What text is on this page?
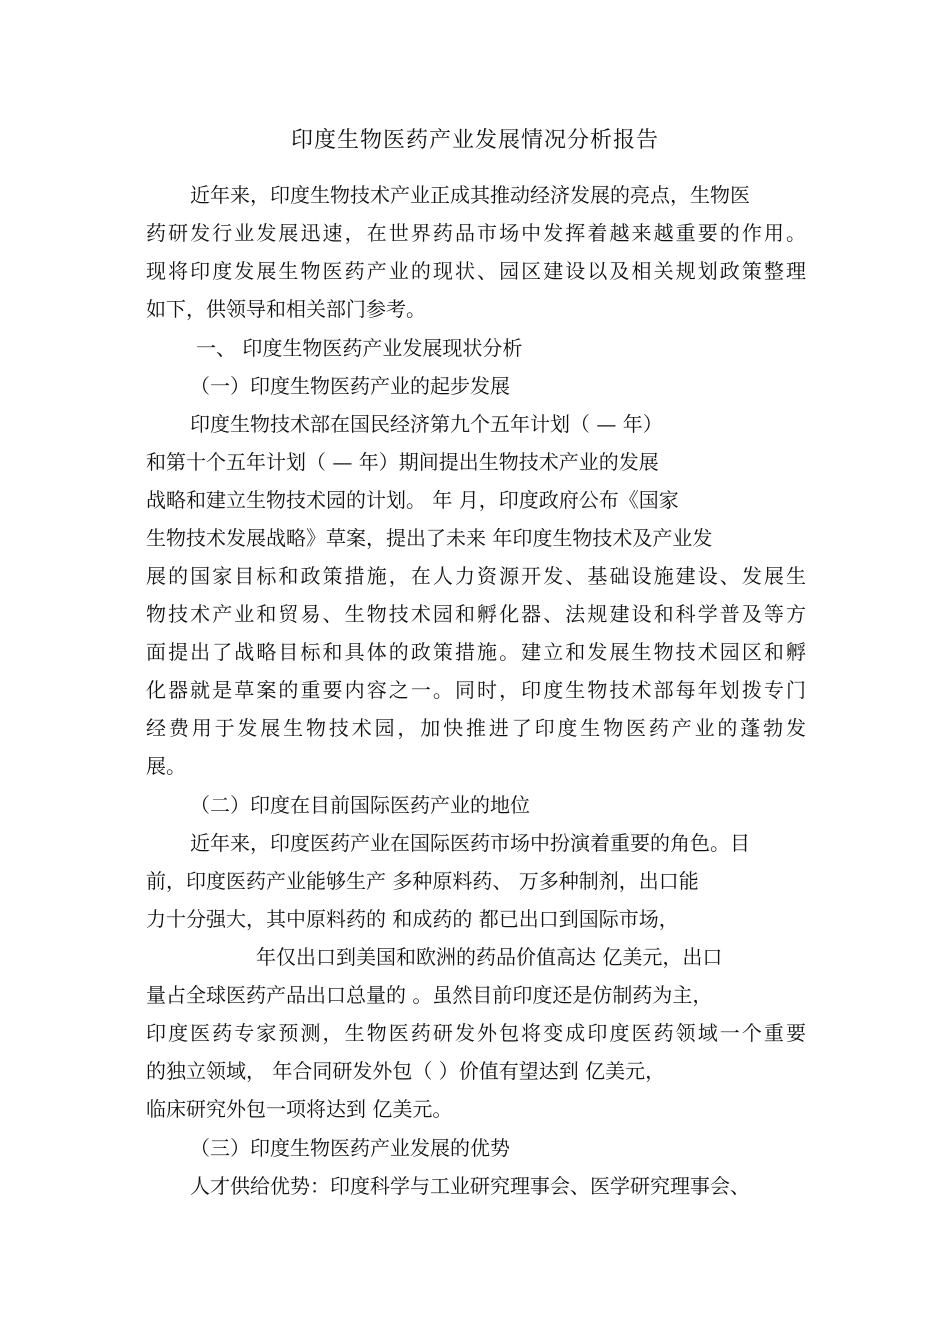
印度生物医药产业发展情况分析报告
近年来，印度生物技术产业正成其推动经济发展的亮点，生物医
药研发行业发展迅速，在世界药品市场中发挥着越来越重要的作用。
现将印度发展生物医药产业的现状、园区建设以及相关规划政策整理
如下，供领导和相关部门参考。
一、 印度生物医药产业发展现状分析
（一）印度生物医药产业的起步发展
印度生物技术部在国民经济第九个五年计划（ — 年）
和第十个五年计划（ — 年）期间提出生物技术产业的发展
战略和建立生物技术园的计划。 年 月，印度政府公布《国家
生物技术发展战略》草案，提出了未来 年印度生物技术及产业发
展的国家目标和政策措施，在人力资源开发、基础设施建设、发展生
物技术产业和贸易、生物技术园和孵化器、法规建设和科学普及等方
面提出了战略目标和具体的政策措施。建立和发展生物技术园区和孵
化器就是草案的重要内容之一。同时，印度生物技术部每年划拨专门
经费用于发展生物技术园，加快推进了印度生物医药产业的蓬勃发
展。
（二）印度在目前国际医药产业的地位
近年来，印度医药产业在国际医药市场中扮演着重要的角色。目
前，印度医药产业能够生产 多种原料药、 万多种制剂，出口能
力十分强大，其中原料药的 和成药的 都已出口到国际市场，
年仅出口到美国和欧洲的药品价值高达 亿美元，出口
量占全球医药产品出口总量的 。虽然目前印度还是仿制药为主，
印度医药专家预测，生物医药研发外包将变成印度医药领域一个重要
的独立领域， 年合同研发外包（ ）价值有望达到 亿美元，
临床研究外包一项将达到 亿美元。
（三）印度生物医药产业发展的优势
人才供给优势：印度科学与工业研究理事会、医学研究理事会、
